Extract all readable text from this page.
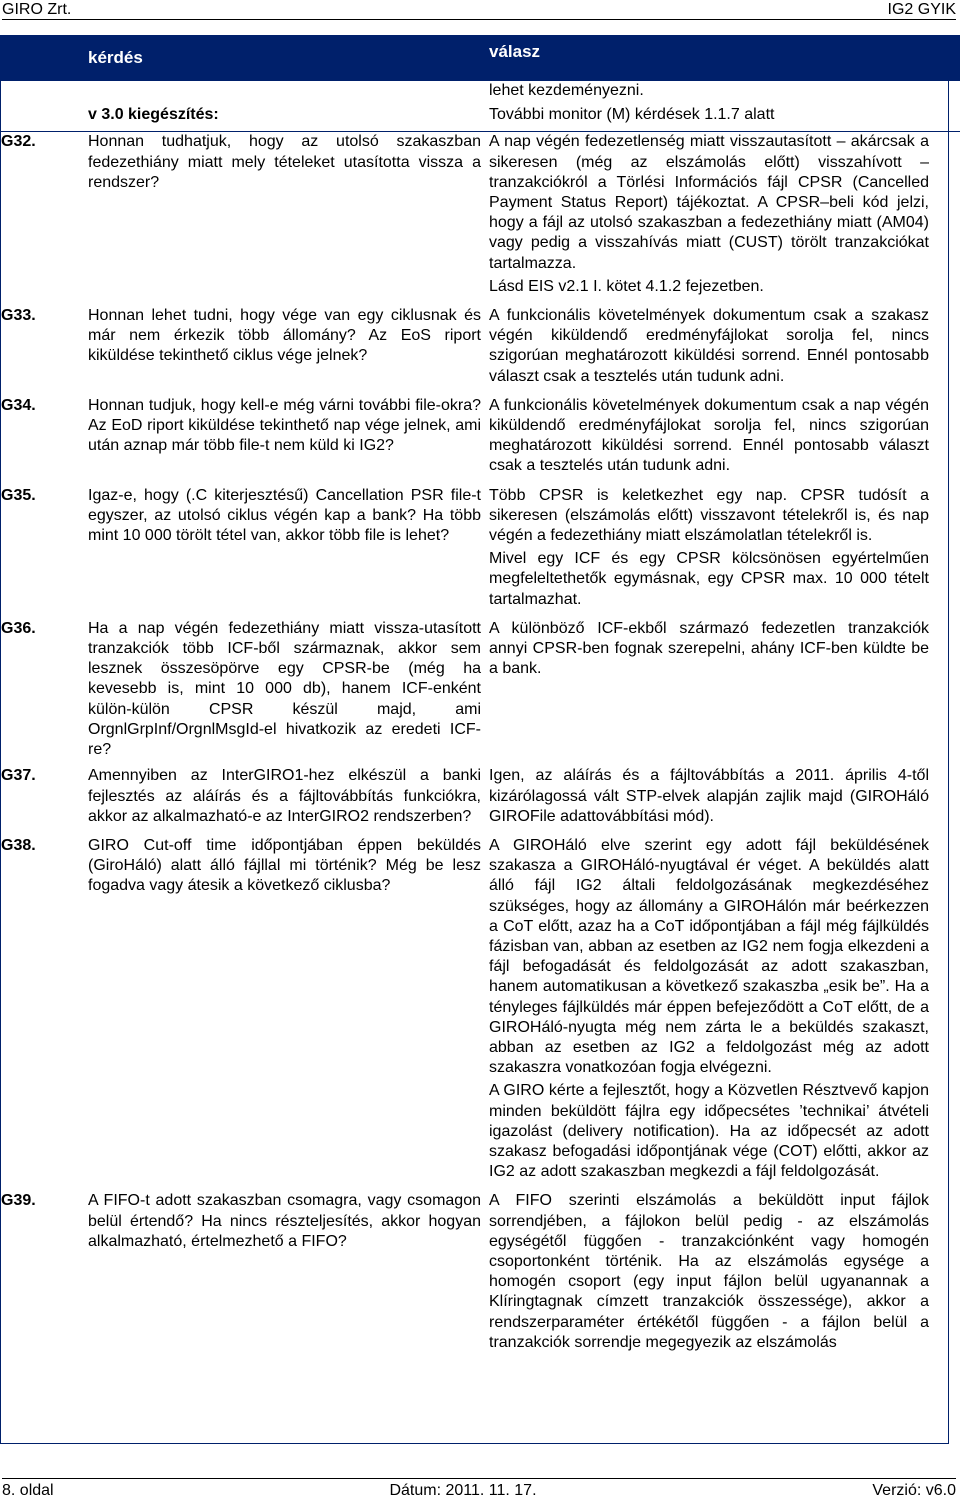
GIRO Zrt.	IG2 GYIK
	kérdés	válasz
		lehet kezdeményezni.
	v 3.0 kiegészítés:	További monitor (M) kérdések 1.1.7 alatt
G32.	Honnan tudhatjuk, hogy az utolsó szakaszban fedezethiány miatt mely tételeket utasította vissza a rendszer?	A nap végén fedezetlenség miatt visszautasított – akárcsak a sikeresen (még az elszámolás előtt) visszahívott – tranzakciókról a Törlési Információs fájl CPSR (Cancelled Payment Status Report) tájékoztat. A CPSR–beli kód jelzi, hogy a fájl az utolsó szakaszban a fedezethiány miatt (AM04) vagy pedig a visszahívás miatt (CUST) törölt tranzakciókat tartalmazza.

Lásd EIS v2.1 I. kötet 4.1.2 fejezetben.

G33.	Honnan lehet tudni, hogy vége van egy ciklusnak és már nem érkezik több állomány? Az EoS riport kiküldése tekinthető ciklus vége jelnek?	A funkcionális követelmények dokumentum csak a szakasz végén kiküldendő eredményfájlokat sorolja fel, nincs szigorúan meghatározott kiküldési sorrend. Ennél pontosabb választ csak a tesztelés után tudunk adni.

G34.	Honnan tudjuk, hogy kell-e még várni további file-okra? Az EoD riport kiküldése tekinthető nap vége jelnek, ami után aznap már több file-t nem küld ki IG2?	A funkcionális követelmények dokumentum csak a nap végén kiküldendő eredményfájlokat sorolja fel, nincs szigorúan meghatározott kiküldési sorrend. Ennél pontosabb választ csak a tesztelés után tudunk adni.

G35.	Igaz-e, hogy (.C kiterjesztésű) Cancellation PSR file-t egyszer, az utolsó ciklus végén kap a bank? Ha több mint 10 000 törölt tétel van, akkor több file is lehet?	Több CPSR is keletkezhet egy nap. CPSR tudósít a sikeresen (elszámolás előtt) visszavont tételekről is, és nap végén a fedezethiány miatt elszámolatlan tételekről is.

Mivel egy ICF és egy CPSR kölcsönösen egyértelműen megfeleltethetők egymásnak, egy CPSR max. 10 000 tételt tartalmazhat.

G36.	Ha a nap végén fedezethiány miatt vissza-utasított tranzakciók több ICF-ből származnak, akkor sem lesznek összesöpörve egy CPSR-be (még ha kevesebb is, mint 10 000 db), hanem ICF-enként külön-külön CPSR készül majd, ami OrgnlGrpInf/OrgnlMsgId-el hivatkozik az eredeti ICF-re?	A különböző ICF-ekből származó fedezetlen tranzakciók annyi CPSR-ben fognak szerepelni, ahány ICF-ben küldte be a bank.

G37.	Amennyiben az InterGIRO1-hez elkészül a banki fejlesztés az aláírás és a fájltovábbítás funkciókra, akkor az alkalmazható-e az InterGIRO2 rendszerben?	Igen, az aláírás és a fájltovábbítás a 2011. április 4-től kizárólagossá vált STP-elvek alapján zajlik majd (GIROHáló GIROFile adattovábbítási mód).

G38.	GIRO Cut-off time időpontjában éppen beküldés (GiroHáló) alatt álló fájllal mi történik? Még be lesz fogadva vagy átesik a következő ciklusba?	A GIROHáló elve szerint egy adott fájl beküldésének szakasza a GIROHáló-nyugtával ér véget. A beküldés alatt álló fájl IG2 általi feldolgozásának megkezdéséhez szükséges, hogy az állomány a GIROHálón már beérkezzen a CoT előtt, azaz ha a CoT időpontjában a fájl még fájlküldés fázisban van, abban az esetben az IG2 nem fogja elkezdeni a fájl befogadását és feldolgozását az adott szakaszban, hanem automatikusan a következő szakaszba „esik be”. Ha a tényleges fájlküldés már éppen befejeződött a CoT előtt, de a GIROHáló-nyugta még nem zárta le a beküldés szakaszt, abban az esetben az IG2 a feldolgozást még az adott szakaszra vonatkozóan fogja elvégezni.

A GIRO kérte a fejlesztőt, hogy a Közvetlen Résztvevő kapjon minden beküldött fájlra egy időpecsétes ’technikai’ átvételi igazolást (delivery notification). Ha az időpecsét az adott szakasz befogadási időpontjának vége (COT) előtti, akkor az IG2 az adott szakaszban megkezdi a fájl feldolgozását.

G39.	A FIFO-t adott szakaszban csomagra, vagy csomagon belül értendő? Ha nincs részteljesítés, akkor hogyan alkalmazható, értelmezhető a FIFO?	A FIFO szerinti elszámolás a beküldött input fájlok sorrendjében, a fájlokon belül pedig - az elszámolás egységétől függően - tranzakciónként vagy homogén csoportonként történik. Ha az elszámolás egysége a homogén csoport (egy input fájlon belül ugyanannak a Klíringtagnak címzett tranzakciók összessége), akkor a rendszerparaméter értékétől függően - a fájlon belül a tranzakciók sorrendje megegyezik az elszámolás

8. oldal	Dátum: 2011. 11. 17.	Verzió: v6.0
